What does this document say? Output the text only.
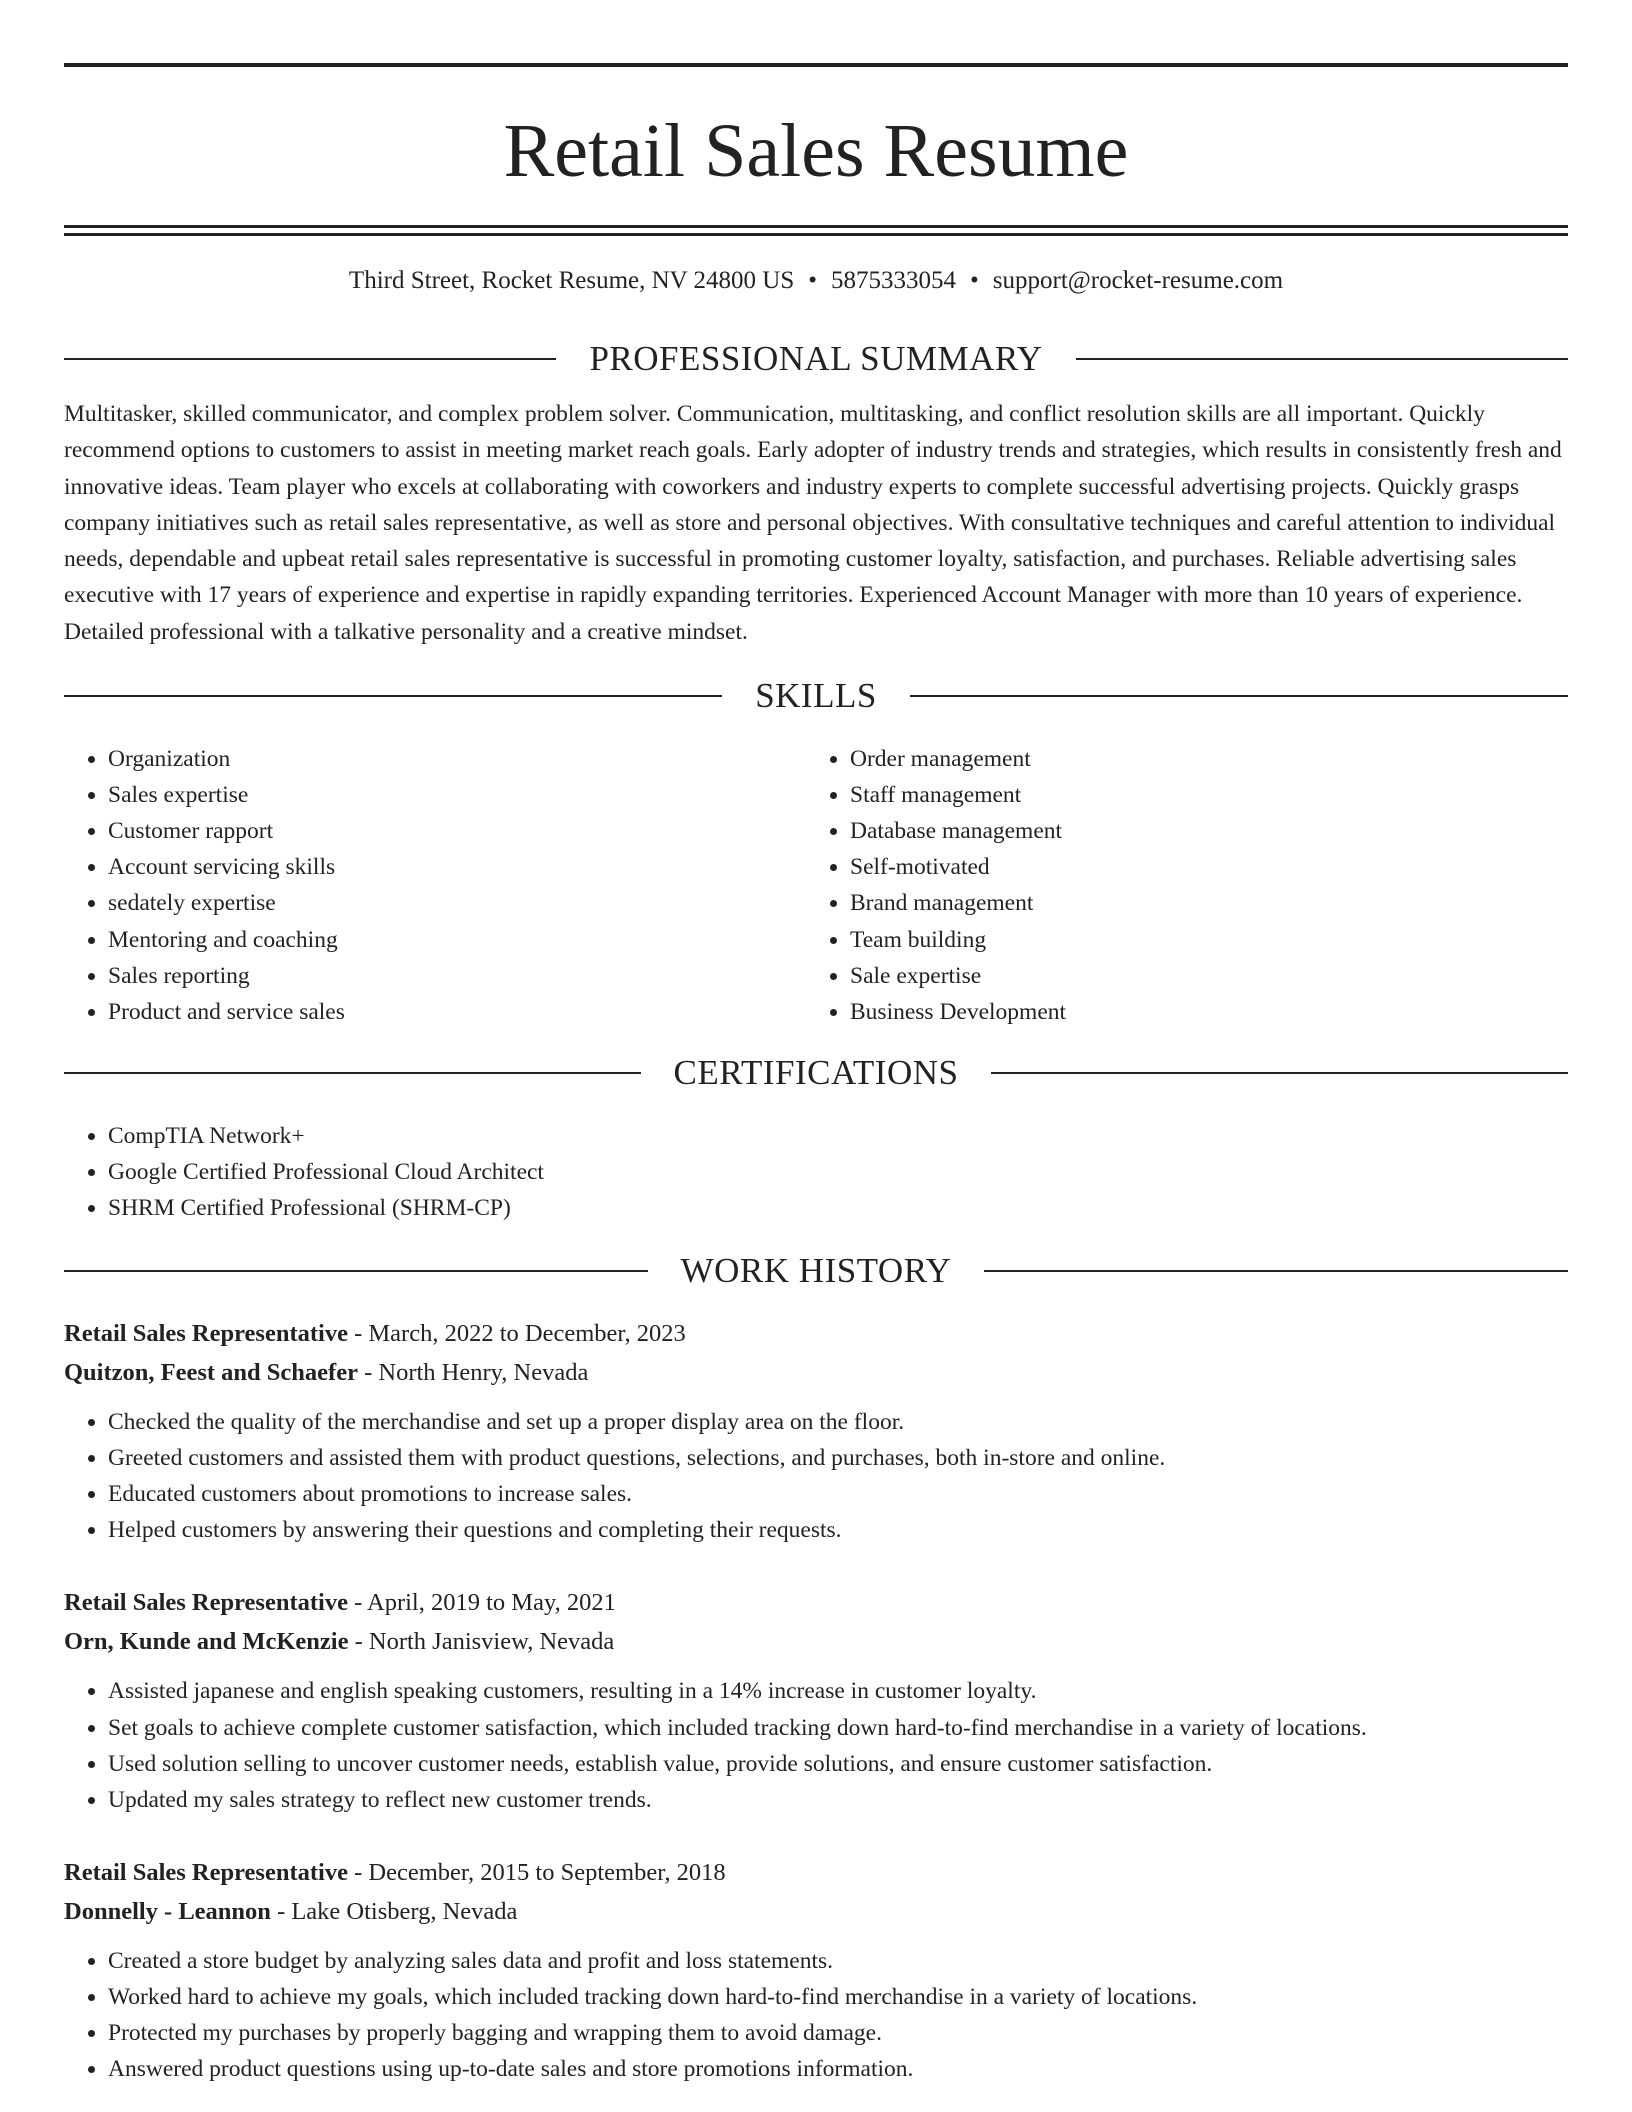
Retail Sales Resume
Third Street, Rocket Resume, NV 24800 US • 5875333054 • support@rocket-resume.com
PROFESSIONAL SUMMARY
Multitasker, skilled communicator, and complex problem solver. Communication, multitasking, and conflict resolution skills are all important. Quickly recommend options to customers to assist in meeting market reach goals. Early adopter of industry trends and strategies, which results in consistently fresh and innovative ideas. Team player who excels at collaborating with coworkers and industry experts to complete successful advertising projects. Quickly grasps company initiatives such as retail sales representative, as well as store and personal objectives. With consultative techniques and careful attention to individual needs, dependable and upbeat retail sales representative is successful in promoting customer loyalty, satisfaction, and purchases. Reliable advertising sales executive with 17 years of experience and expertise in rapidly expanding territories. Experienced Account Manager with more than 10 years of experience. Detailed professional with a talkative personality and a creative mindset.
SKILLS
• Organization
• Sales expertise
• Customer rapport
• Account servicing skills
• sedately expertise
• Mentoring and coaching
• Sales reporting
• Product and service sales
• Order management
• Staff management
• Database management
• Self-motivated
• Brand management
• Team building
• Sale expertise
• Business Development
CERTIFICATIONS
• CompTIA Network+
• Google Certified Professional Cloud Architect
• SHRM Certified Professional (SHRM-CP)
WORK HISTORY
Retail Sales Representative - March, 2022 to December, 2023
Quitzon, Feest and Schaefer - North Henry, Nevada
• Checked the quality of the merchandise and set up a proper display area on the floor.
• Greeted customers and assisted them with product questions, selections, and purchases, both in-store and online.
• Educated customers about promotions to increase sales.
• Helped customers by answering their questions and completing their requests.
Retail Sales Representative - April, 2019 to May, 2021
Orn, Kunde and McKenzie - North Janisview, Nevada
• Assisted japanese and english speaking customers, resulting in a 14% increase in customer loyalty.
• Set goals to achieve complete customer satisfaction, which included tracking down hard-to-find merchandise in a variety of locations.
• Used solution selling to uncover customer needs, establish value, provide solutions, and ensure customer satisfaction.
• Updated my sales strategy to reflect new customer trends.
Retail Sales Representative - December, 2015 to September, 2018
Donnelly - Leannon - Lake Otisberg, Nevada
• Created a store budget by analyzing sales data and profit and loss statements.
• Worked hard to achieve my goals, which included tracking down hard-to-find merchandise in a variety of locations.
• Protected my purchases by properly bagging and wrapping them to avoid damage.
• Answered product questions using up-to-date sales and store promotions information.
